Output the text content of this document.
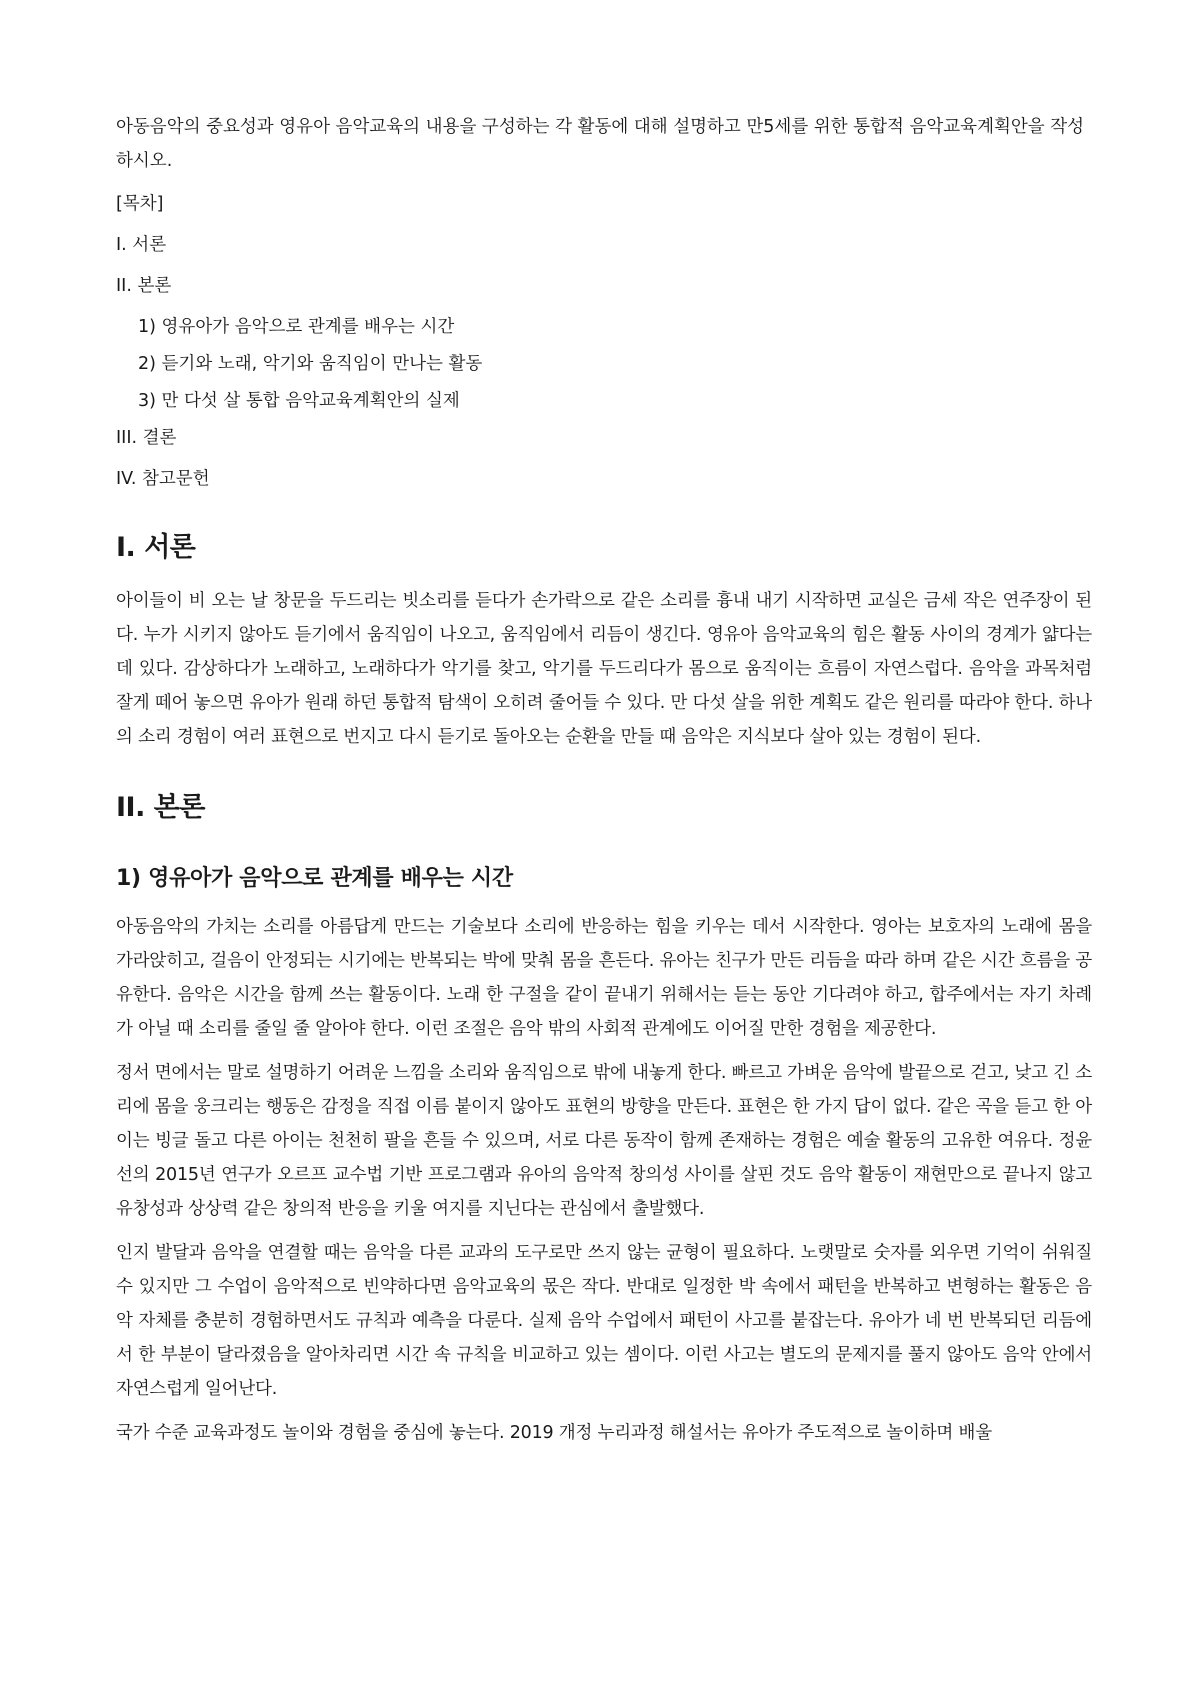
아동음악의 중요성과 영유아 음악교육의 내용을 구성하는 각 활동에 대해 설명하고 만5세를 위한 통합적 음악교육계획안을 작성하시오.

[목차]

I. 서론

II. 본론

1) 영유아가 음악으로 관계를 배우는 시간

2) 듣기와 노래, 악기와 움직임이 만나는 활동

3) 만 다섯 살 통합 음악교육계획안의 실제

III. 결론

IV. 참고문헌

I. 서론

아이들이 비 오는 날 창문을 두드리는 빗소리를 듣다가 손가락으로 같은 소리를 흉내 내기 시작하면 교실은 금세 작은 연주장이 된다. 누가 시키지 않아도 듣기에서 움직임이 나오고, 움직임에서 리듬이 생긴다. 영유아 음악교육의 힘은 활동 사이의 경계가 얇다는 데 있다. 감상하다가 노래하고, 노래하다가 악기를 찾고, 악기를 두드리다가 몸으로 움직이는 흐름이 자연스럽다. 음악을 과목처럼 잘게 떼어 놓으면 유아가 원래 하던 통합적 탐색이 오히려 줄어들 수 있다. 만 다섯 살을 위한 계획도 같은 원리를 따라야 한다. 하나의 소리 경험이 여러 표현으로 번지고 다시 듣기로 돌아오는 순환을 만들 때 음악은 지식보다 살아 있는 경험이 된다.

II. 본론
1) 영유아가 음악으로 관계를 배우는 시간

아동음악의 가치는 소리를 아름답게 만드는 기술보다 소리에 반응하는 힘을 키우는 데서 시작한다. 영아는 보호자의 노래에 몸을 가라앉히고, 걸음이 안정되는 시기에는 반복되는 박에 맞춰 몸을 흔든다. 유아는 친구가 만든 리듬을 따라 하며 같은 시간 흐름을 공유한다. 음악은 시간을 함께 쓰는 활동이다. 노래 한 구절을 같이 끝내기 위해서는 듣는 동안 기다려야 하고, 합주에서는 자기 차례가 아닐 때 소리를 줄일 줄 알아야 한다. 이런 조절은 음악 밖의 사회적 관계에도 이어질 만한 경험을 제공한다.

정서 면에서는 말로 설명하기 어려운 느낌을 소리와 움직임으로 밖에 내놓게 한다. 빠르고 가벼운 음악에 발끝으로 걷고, 낮고 긴 소리에 몸을 웅크리는 행동은 감정을 직접 이름 붙이지 않아도 표현의 방향을 만든다. 표현은 한 가지 답이 없다. 같은 곡을 듣고 한 아이는 빙글 돌고 다른 아이는 천천히 팔을 흔들 수 있으며, 서로 다른 동작이 함께 존재하는 경험은 예술 활동의 고유한 여유다. 정윤선의 2015년 연구가 오르프 교수법 기반 프로그램과 유아의 음악적 창의성 사이를 살핀 것도 음악 활동이 재현만으로 끝나지 않고 유창성과 상상력 같은 창의적 반응을 키울 여지를 지닌다는 관심에서 출발했다.

인지 발달과 음악을 연결할 때는 음악을 다른 교과의 도구로만 쓰지 않는 균형이 필요하다. 노랫말로 숫자를 외우면 기억이 쉬워질 수 있지만 그 수업이 음악적으로 빈약하다면 음악교육의 몫은 작다. 반대로 일정한 박 속에서 패턴을 반복하고 변형하는 활동은 음악 자체를 충분히 경험하면서도 규칙과 예측을 다룬다. 실제 음악 수업에서 패턴이 사고를 붙잡는다. 유아가 네 번 반복되던 리듬에서 한 부분이 달라졌음을 알아차리면 시간 속 규칙을 비교하고 있는 셈이다. 이런 사고는 별도의 문제지를 풀지 않아도 음악 안에서 자연스럽게 일어난다.

국가 수준 교육과정도 놀이와 경험을 중심에 놓는다. 2019 개정 누리과정 해설서는 유아가 주도적으로 놀이하며 배울
